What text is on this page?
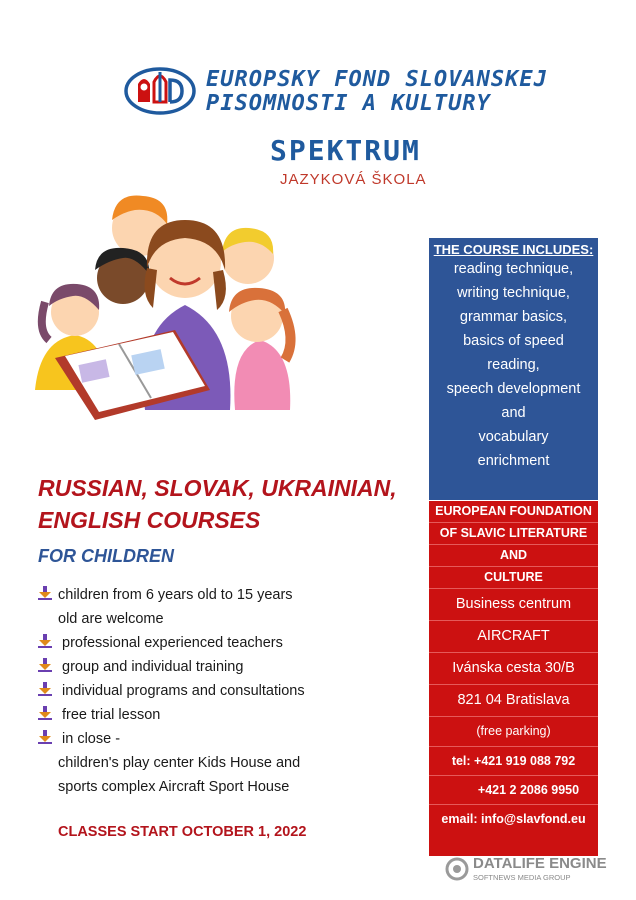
EUROPSKY FOND SLOVANSKEJ
PISOMNOSTI A KULTURY
SPEKTRUM
JAZYKOVÁ ŠKOLA
THE COURSE INCLUDES:
reading technique,
writing technique,
grammar basics,
basics of speed
reading,
speech development
and
vocabulary
enrichment
EUROPEAN FOUNDATION
OF SLAVIC LITERATURE
AND
CULTURE
Business centrum
AIRCRAFT
Ivánska cesta 30/B
821 04 Bratislava
(free parking)
tel: +421 919 088 792
+421 2 2086 9950
email: info@slavfond.eu
RUSSIAN, SLOVAK, UKRAINIAN,
ENGLISH COURSES
FOR CHILDREN
children from 6 years old to 15 years
old are welcome
professional experienced teachers
group and individual training
individual programs and consultations
free trial lesson
in close -
children's play center Kids House and
sports complex Aircraft Sport House
CLASSES START OCTOBER 1, 2022
DATALIFE ENGINE
SOFTNEWS MEDIA GROUP
